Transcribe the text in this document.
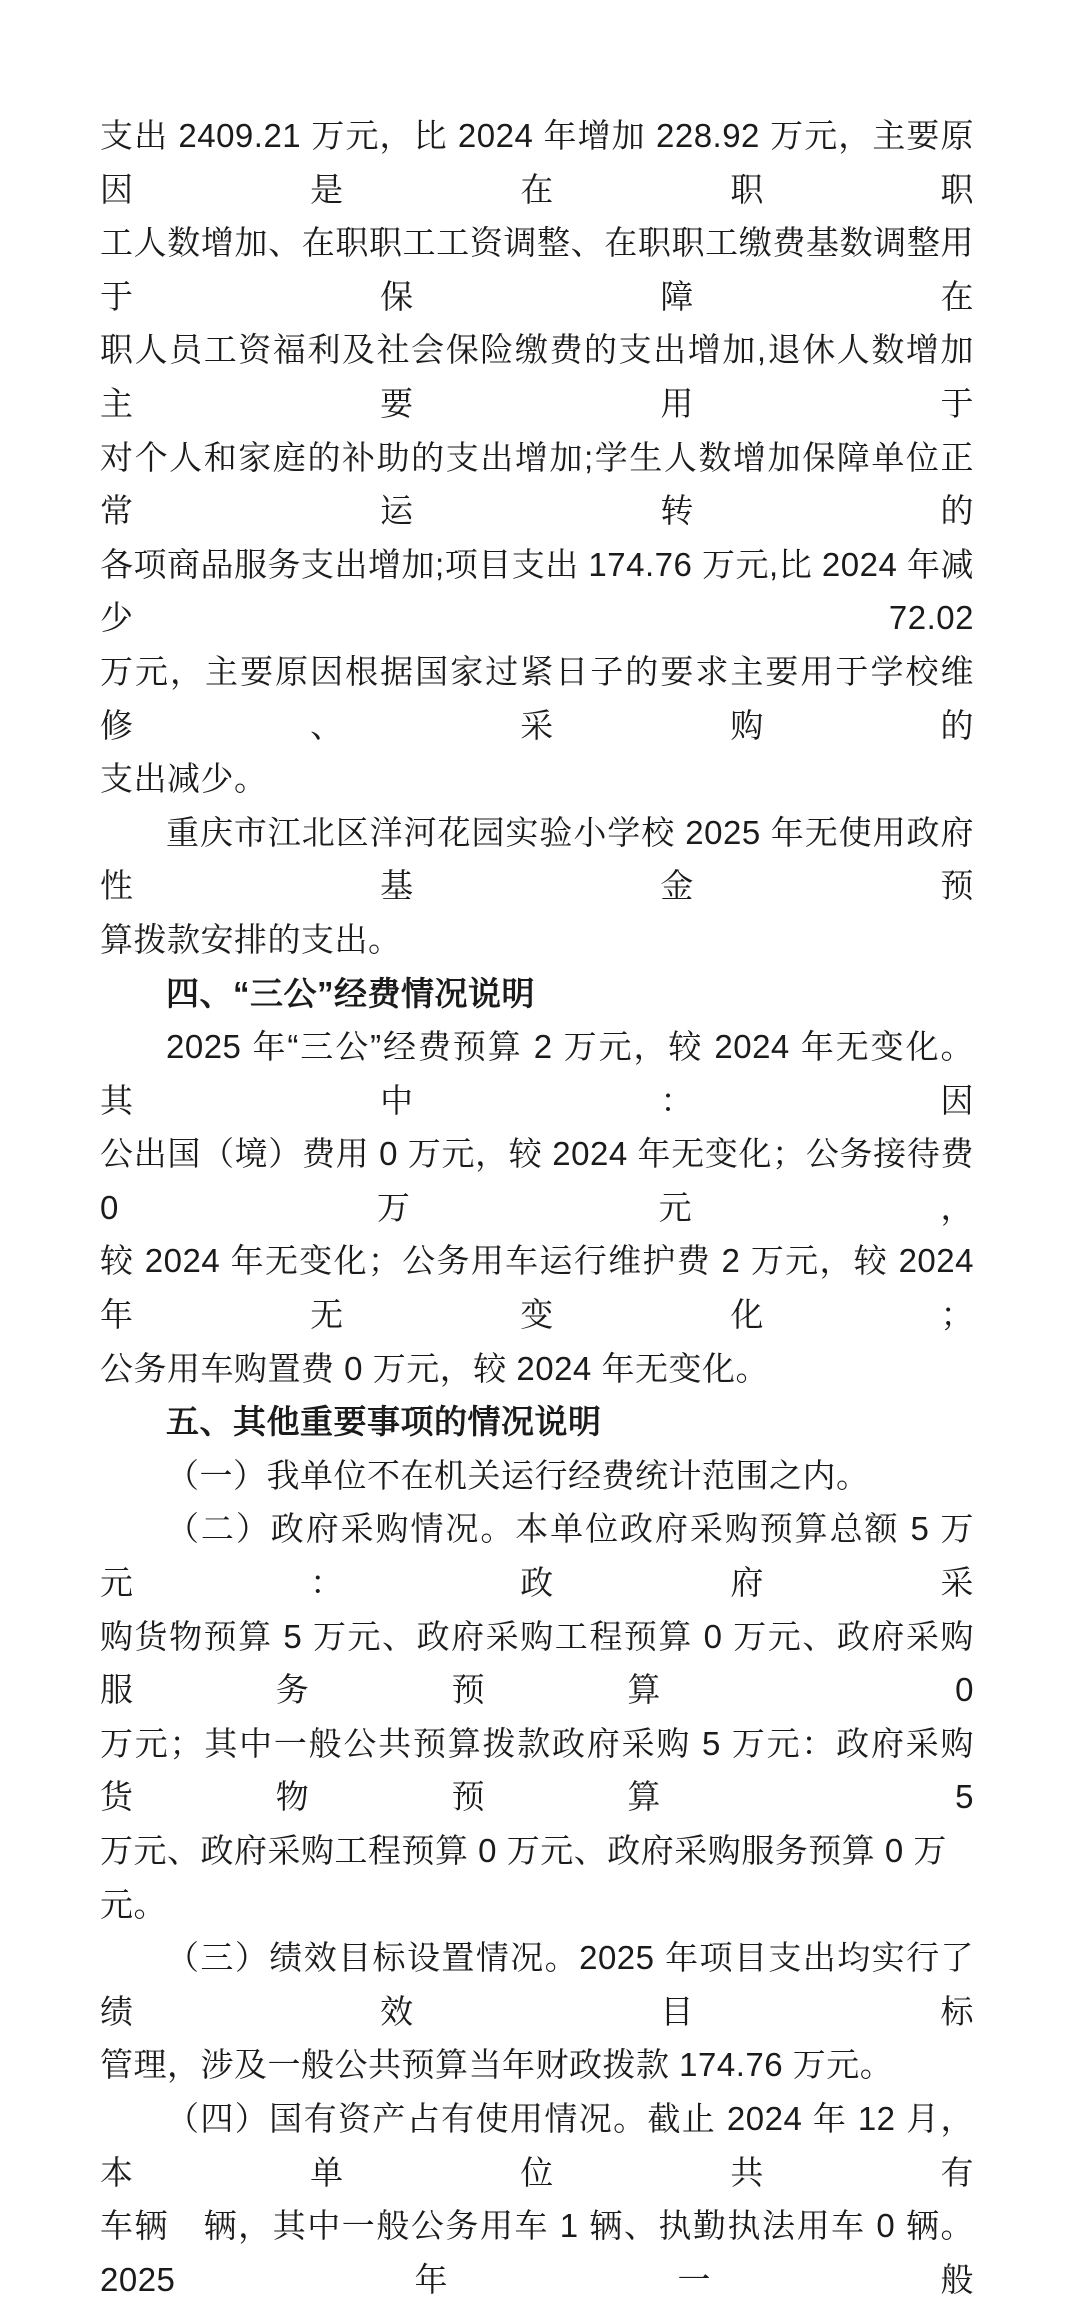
支出 2409.21 万元，比 2024 年增加 228.92 万元，主要原因是在职职
工人数增加、在职职工工资调整、在职职工缴费基数调整用于保障在
职人员工资福利及社会保险缴费的支出增加,退休人数增加主要用于
对个人和家庭的补助的支出增加;学生人数增加保障单位正常运转的
各项商品服务支出增加;项目支出 174.76 万元,比 2024 年减少 72.02
万元，主要原因根据国家过紧日子的要求主要用于学校维修、采购的
支出减少。
重庆市江北区洋河花园实验小学校 2025 年无使用政府性基金预
算拨款安排的支出。
四、“三公”经费情况说明
2025 年“三公”经费预算 2 万元，较 2024 年无变化。其中：因
公出国（境）费用 0 万元，较 2024 年无变化；公务接待费 0 万元，
较 2024 年无变化；公务用车运行维护费 2 万元，较 2024 年无变化；
公务用车购置费 0 万元，较 2024 年无变化。
五、其他重要事项的情况说明
（一）我单位不在机关运行经费统计范围之内。
（二）政府采购情况。本单位政府采购预算总额 5 万元：政府采
购货物预算 5 万元、政府采购工程预算 0 万元、政府采购服务预算 0
万元；其中一般公共预算拨款政府采购 5 万元：政府采购货物预算 5
万元、政府采购工程预算 0 万元、政府采购服务预算 0 万元。
（三）绩效目标设置情况。2025 年项目支出均实行了绩效目标
管理，涉及一般公共预算当年财政拨款 174.76 万元。
（四）国有资产占有使用情况。截止 2024 年 12 月，本单位共有
车辆　辆，其中一般公务用车 1 辆、执勤执法用车 0 辆。2025 年一般
